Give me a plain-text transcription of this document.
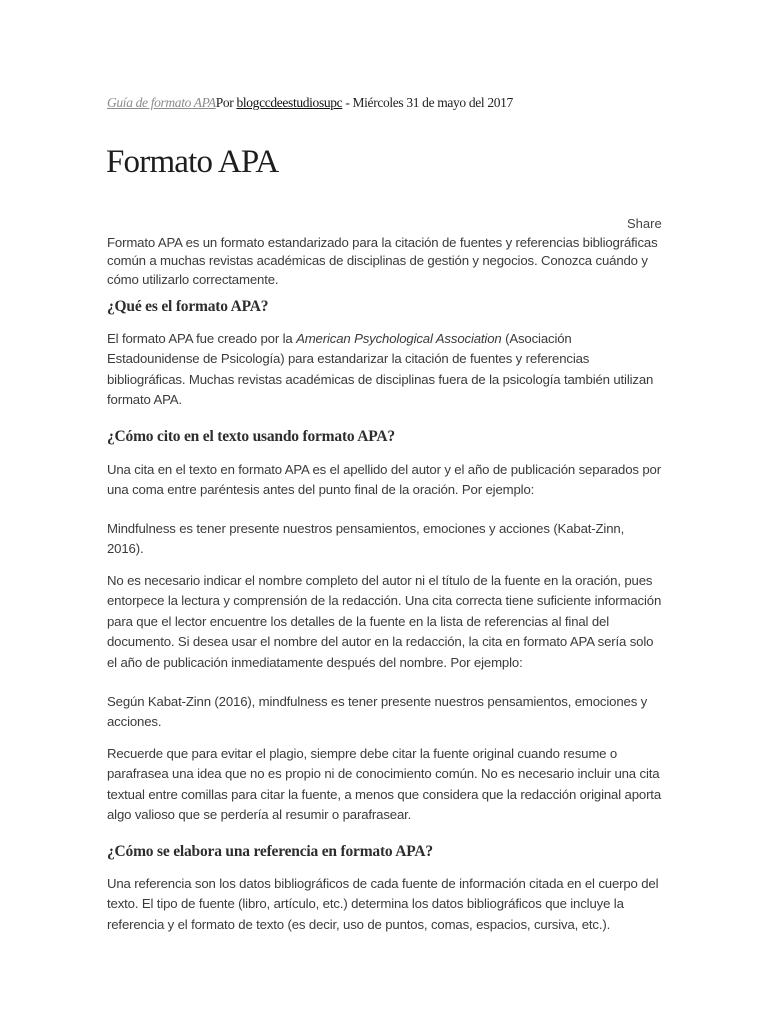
Guía de formato APAPor blogccdeestudiosupc - Miércoles 31 de mayo del 2017
Formato APA
Share

Formato APA es un formato estandarizado para la citación de fuentes y referencias bibliográficas común a muchas revistas académicas de disciplinas de gestión y negocios. Conozca cuándo y cómo utilizarlo correctamente.

¿Qué es el formato APA?

El formato APA fue creado por la American Psychological Association (Asociación Estadounidense de Psicología) para estandarizar la citación de fuentes y referencias bibliográficas. Muchas revistas académicas de disciplinas fuera de la psicología también utilizan formato APA.

¿Cómo cito en el texto usando formato APA?

Una cita en el texto en formato APA es el apellido del autor y el año de publicación separados por una coma entre paréntesis antes del punto final de la oración. Por ejemplo:

Mindfulness es tener presente nuestros pensamientos, emociones y acciones (Kabat-Zinn, 2016).

No es necesario indicar el nombre completo del autor ni el título de la fuente en la oración, pues entorpece la lectura y comprensión de la redacción. Una cita correcta tiene suficiente información para que el lector encuentre los detalles de la fuente en la lista de referencias al final del documento. Si desea usar el nombre del autor en la redacción, la cita en formato APA sería solo el año de publicación inmediatamente después del nombre. Por ejemplo:

Según Kabat-Zinn (2016), mindfulness es tener presente nuestros pensamientos, emociones y acciones.

Recuerde que para evitar el plagio, siempre debe citar la fuente original cuando resume o parafrasea una idea que no es propio ni de conocimiento común. No es necesario incluir una cita textual entre comillas para citar la fuente, a menos que considera que la redacción original aporta algo valioso que se perdería al resumir o parafrasear.

¿Cómo se elabora una referencia en formato APA?

Una referencia son los datos bibliográficos de cada fuente de información citada en el cuerpo del texto. El tipo de fuente (libro, artículo, etc.) determina los datos bibliográficos que incluye la referencia y el formato de texto (es decir, uso de puntos, comas, espacios, cursiva, etc.).
